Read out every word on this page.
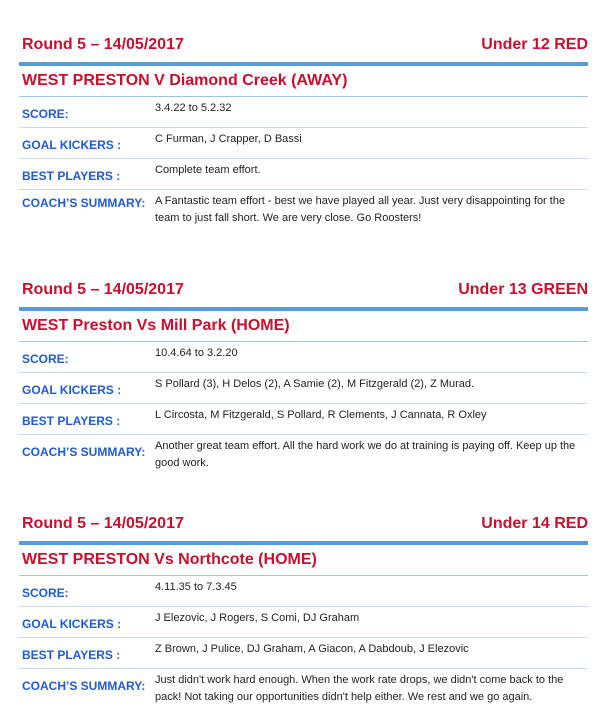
Round 5 – 14/05/2017	Under 12 RED
WEST PRESTON V Diamond Creek (AWAY)
SCORE:	3.4.22 to 5.2.32
GOAL KICKERS :	C Furman, J Crapper, D Bassi
BEST PLAYERS :	Complete team effort.
COACH’S SUMMARY: A Fantastic team effort - best we have played all year. Just very disappointing for the team to just fall short. We are very close. Go Roosters!
Round 5 – 14/05/2017	Under 13 GREEN
WEST Preston Vs Mill Park (HOME)
SCORE:	10.4.64 to 3.2.20
GOAL KICKERS :	S Pollard (3), H Delos (2), A Samie (2), M Fitzgerald (2), Z Murad.
BEST PLAYERS :	L Circosta, M Fitzgerald, S Pollard, R Clements, J Cannata, R Oxley
COACH’S SUMMARY: Another great team effort. All the hard work we do at training is paying off. Keep up the good work.
Round 5 – 14/05/2017	Under 14 RED
WEST PRESTON Vs Northcote (HOME)
SCORE:	4.11.35 to 7.3.45
GOAL KICKERS :	J Elezovic, J Rogers, S Comi, DJ Graham
BEST PLAYERS :	Z Brown, J Pulice, DJ Graham, A Giacon, A Dabdoub, J Elezovic
COACH’S SUMMARY: Just didn't work hard enough. When the work rate drops, we didn't come back to the pack! Not taking our opportunities didn't help either. We rest and we go again.
